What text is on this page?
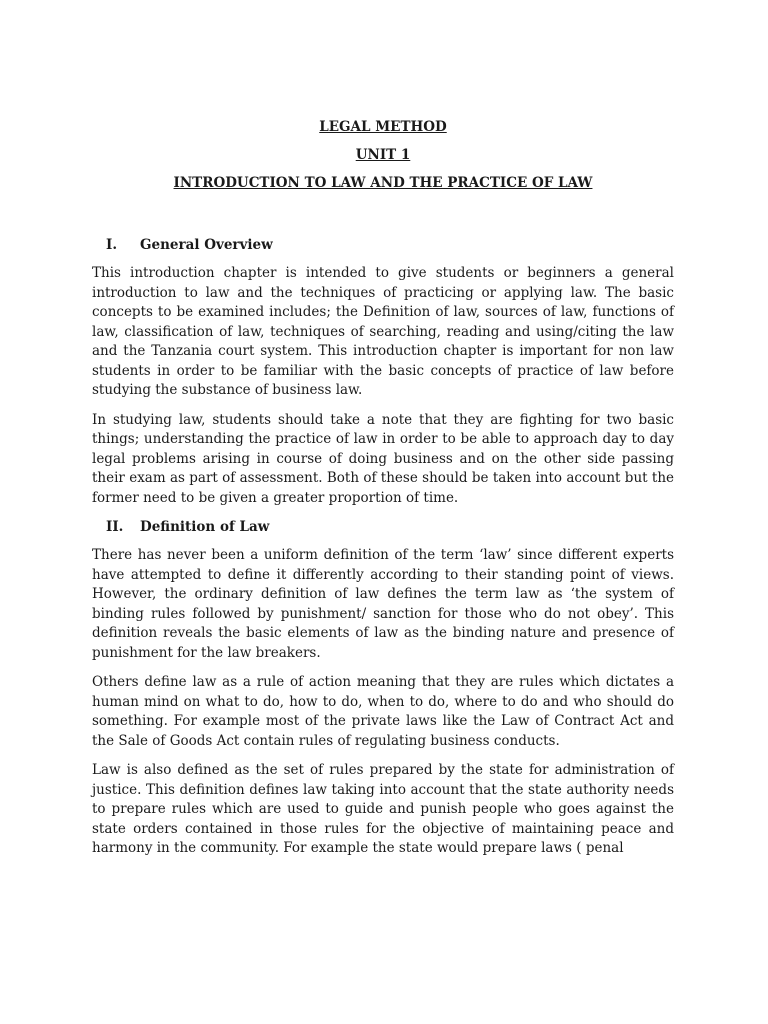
LEGAL METHOD
UNIT 1
INTRODUCTION TO LAW AND THE PRACTICE OF LAW
I.	General Overview

This introduction chapter is intended to give students or beginners a general introduction to law and the techniques of practicing or applying law. The basic concepts to be examined includes; the Definition of law, sources of law, functions of law, classification of law, techniques of searching, reading and using/citing the law and the Tanzania court system. This introduction chapter is important for non law students in order to be familiar with the basic concepts of practice of law before studying the substance of business law.

In studying law, students should take a note that they are fighting for two basic things; understanding the practice of law in order to be able to approach day to day legal problems arising in course of doing business and on the other side passing their exam as part of assessment. Both of these should be taken into account but the former need to be given a greater proportion of time.

II.	Definition of Law

There has never been a uniform definition of the term ‘law’ since different experts have attempted to define it differently according to their standing point of views. However, the ordinary definition of law defines the term law as ‘the system of binding rules followed by punishment/ sanction for those who do not obey’. This definition reveals the basic elements of law as the binding nature and presence of punishment for the law breakers.

Others define law as a rule of action meaning that they are rules which dictates a human mind on what to do, how to do, when to do, where to do and who should do something. For example most of the private laws like the Law of Contract Act and the Sale of Goods Act contain rules of regulating business conducts.

Law is also defined as the set of rules prepared by the state for administration of justice. This definition defines law taking into account that the state authority needs to prepare rules which are used to guide and punish people who goes against the state orders contained in those rules for the objective of maintaining peace and harmony in the community. For example the state would prepare laws ( penal
